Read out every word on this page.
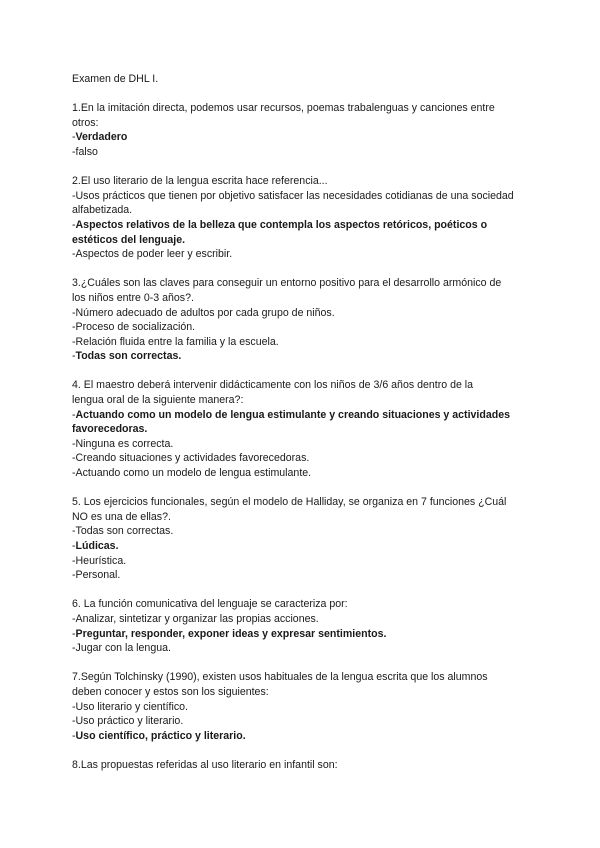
Examen de DHL I.
1.En la imitación directa, podemos usar recursos, poemas trabalenguas y canciones entre
otros:
-Verdadero
-falso
2.El uso literario de la lengua escrita hace referencia...
-Usos prácticos que tienen por objetivo satisfacer las necesidades cotidianas de una sociedad alfabetizada.
-Aspectos relativos de la belleza que contempla los aspectos retóricos, poéticos o estéticos del lenguaje.
-Aspectos de poder leer y escribir.
3.¿Cuáles son las claves para conseguir un entorno positivo para el desarrollo armónico de
los niños entre 0-3 años?.
-Número adecuado de adultos por cada grupo de niños.
-Proceso de socialización.
-Relación fluida entre la familia y la escuela.
-Todas son correctas.
4. El maestro deberá intervenir didácticamente con los niños de 3/6 años dentro de la
lengua oral de la siguiente manera?:
-Actuando como un modelo de lengua estimulante y creando situaciones y actividades favorecedoras.
-Ninguna es correcta.
-Creando situaciones y actividades favorecedoras.
-Actuando como un modelo de lengua estimulante.
5. Los ejercicios funcionales, según el modelo de Halliday, se organiza en 7 funciones ¿Cuál
NO es una de ellas?.
-Todas son correctas.
-Lúdicas.
-Heurística.
-Personal.
6. La función comunicativa del lenguaje se caracteriza por:
-Analizar, sintetizar y organizar las propias acciones.
-Preguntar, responder, exponer ideas y expresar sentimientos.
-Jugar con la lengua.
7.Según Tolchinsky (1990), existen usos habituales de la lengua escrita que los alumnos
deben conocer y estos son los siguientes:
-Uso literario y científico.
-Uso práctico y literario.
-Uso científico, práctico y literario.
8.Las propuestas referidas al uso literario en infantil son:
